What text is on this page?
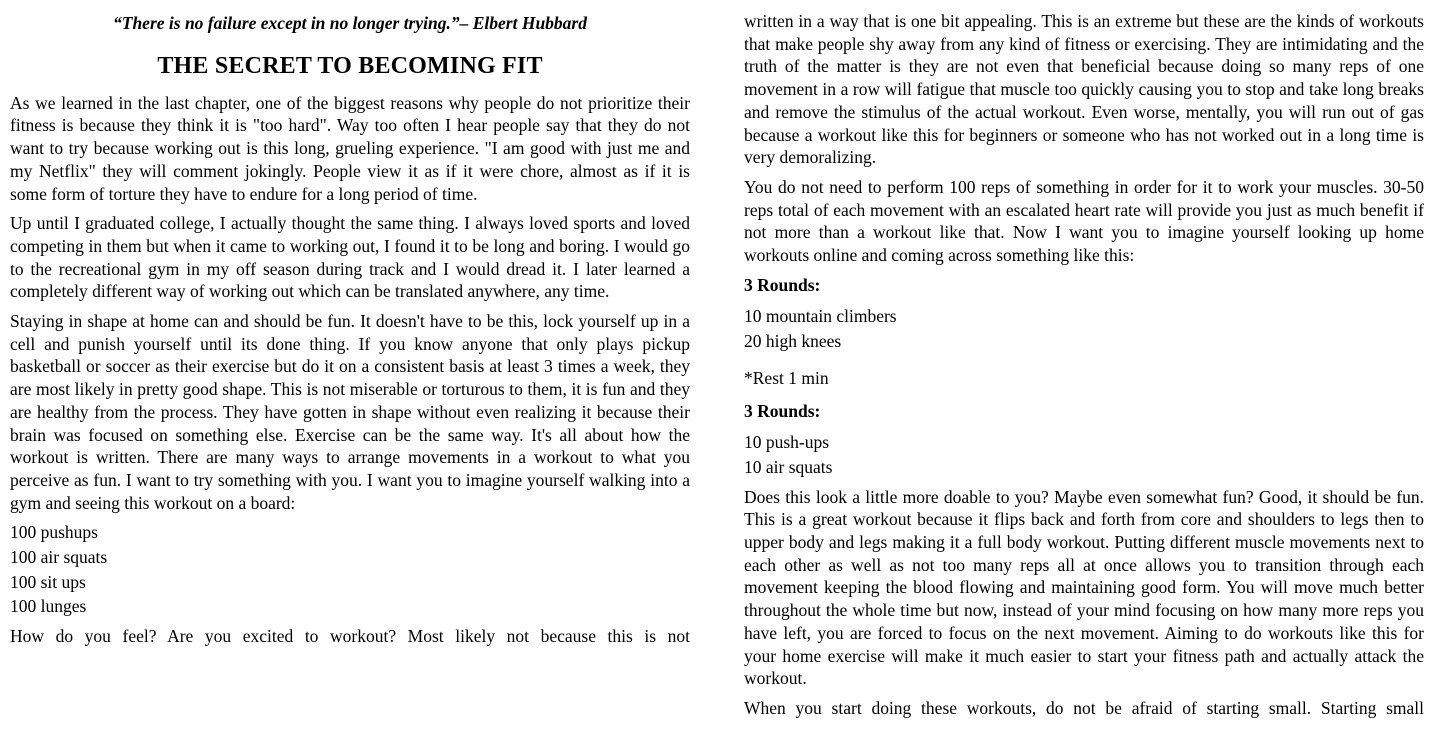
“There is no failure except in no longer trying.”– Elbert Hubbard

THE SECRET TO BECOMING FIT

As we learned in the last chapter, one of the biggest reasons why people do not prioritize their fitness is because they think it is "too hard". Way too often I hear people say that they do not want to try because working out is this long, grueling experience. "I am good with just me and my Netflix" they will comment jokingly. People view it as if it were chore, almost as if it is some form of torture they have to endure for a long period of time.

Up until I graduated college, I actually thought the same thing. I always loved sports and loved competing in them but when it came to working out, I found it to be long and boring. I would go to the recreational gym in my off season during track and I would dread it. I later learned a completely different way of working out which can be translated anywhere, any time.

Staying in shape at home can and should be fun. It doesn't have to be this, lock yourself up in a cell and punish yourself until its done thing. If you know anyone that only plays pickup basketball or soccer as their exercise but do it on a consistent basis at least 3 times a week, they are most likely in pretty good shape. This is not miserable or torturous to them, it is fun and they are healthy from the process. They have gotten in shape without even realizing it because their brain was focused on something else. Exercise can be the same way. It's all about how the workout is written. There are many ways to arrange movements in a workout to what you perceive as fun. I want to try something with you. I want you to imagine yourself walking into a gym and seeing this workout on a board:

100 pushups

100 air squats

100 sit ups

100 lunges

How do you feel? Are you excited to workout? Most likely not because this is not

written in a way that is one bit appealing. This is an extreme but these are the kinds of workouts that make people shy away from any kind of fitness or exercising. They are intimidating and the truth of the matter is they are not even that beneficial because doing so many reps of one movement in a row will fatigue that muscle too quickly causing you to stop and take long breaks and remove the stimulus of the actual workout. Even worse, mentally, you will run out of gas because a workout like this for beginners or someone who has not worked out in a long time is very demoralizing.

You do not need to perform 100 reps of something in order for it to work your muscles. 30-50 reps total of each movement with an escalated heart rate will provide you just as much benefit if not more than a workout like that. Now I want you to imagine yourself looking up home workouts online and coming across something like this:

3 Rounds:

10 mountain climbers

20 high knees

*Rest 1 min

3 Rounds:

10 push-ups

10 air squats

Does this look a little more doable to you? Maybe even somewhat fun? Good, it should be fun. This is a great workout because it flips back and forth from core and shoulders to legs then to upper body and legs making it a full body workout. Putting different muscle movements next to each other as well as not too many reps all at once allows you to transition through each movement keeping the blood flowing and maintaining good form. You will move much better throughout the whole time but now, instead of your mind focusing on how many more reps you have left, you are forced to focus on the next movement. Aiming to do workouts like this for your home exercise will make it much easier to start your fitness path and actually attack the workout.

When you start doing these workouts, do not be afraid of starting small. Starting small
